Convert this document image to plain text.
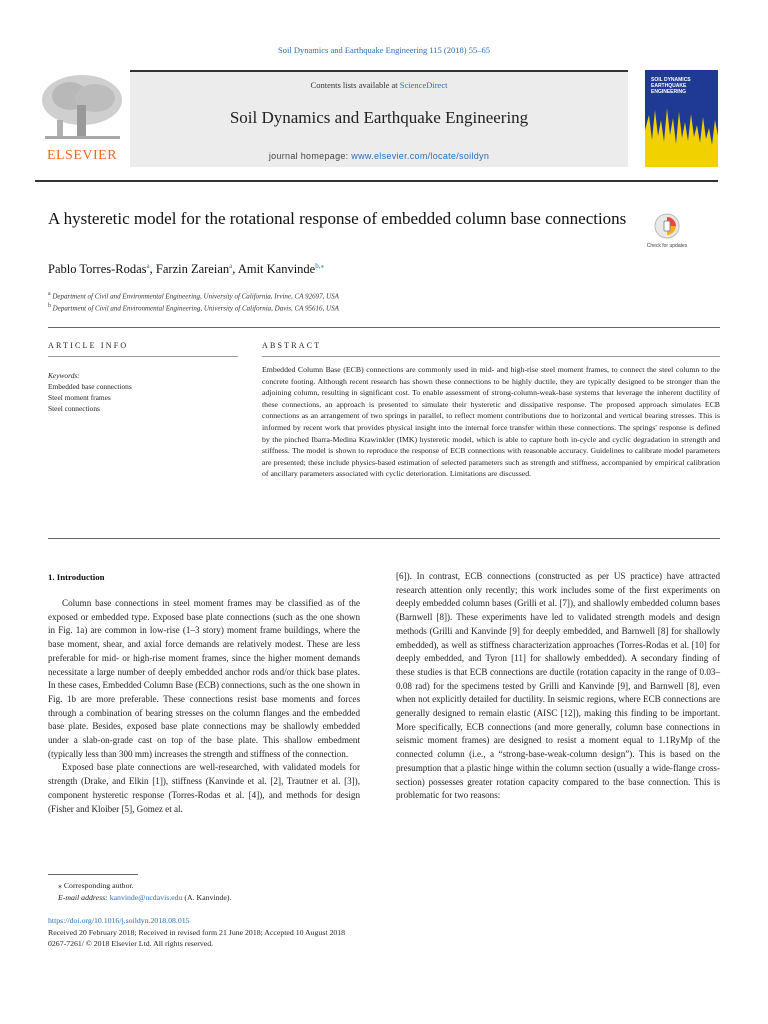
Soil Dynamics and Earthquake Engineering 115 (2018) 55–65
ELSEVIER
Contents lists available at ScienceDirect
Soil Dynamics and Earthquake Engineering
journal homepage: www.elsevier.com/locate/soildyn
SOIL DYNAMICS EARTHQUAKE ENGINEERING
A hysteretic model for the rotational response of embedded column base connections
Check for updates
Pablo Torres-Rodas$^a$, Farzin Zareian$^a$, Amit Kanvinde$^{b,⁎}$
$^a$ Department of Civil and Environmental Engineering, University of California, Irvine, CA 92697, USA
$^b$ Department of Civil and Environmental Engineering, University of California, Davis, CA 95616, USA
ARTICLE INFO	ABSTRACT
Keywords:
Embedded base connections
Steel moment frames
Steel connections
Embedded Column Base (ECB) connections are commonly used in mid- and high-rise steel moment frames, to connect the steel column to the concrete footing. Although recent research has shown these connections to be highly ductile, they are typically designed to be stronger than the adjoining column, resulting in significant cost. To enable assessment of strong-column-weak-base systems that leverage the inherent ductility of these connections, an approach is presented to simulate their hysteretic and dissipative response. The proposed approach simulates ECB connections as an arrangement of two springs in parallel, to reflect moment contributions due to horizontal and vertical bearing stresses. This is informed by recent work that provides physical insight into the internal force transfer within these connections. The springs' response is defined by the pinched Ibarra-Medina Krawinkler (IMK) hysteretic model, which is able to capture both in-cycle and cyclic degradation in strength and stiffness. The model is shown to reproduce the response of ECB connections with reasonable accuracy. Guidelines to calibrate model parameters are presented; these include physics-based estimation of selected parameters such as strength and stiffness, accompanied by empirical calibration of ancillary parameters associated with cyclic deterioration. Limitations are discussed.
1. Introduction

Column base connections in steel moment frames may be classified as of the exposed or embedded type. Exposed base plate connections (such as the one shown in Fig. 1a) are common in low-rise (1–3 story) moment frame buildings, where the base moment, shear, and axial force demands are relatively modest. These are less preferable for mid- or high-rise moment frames, since the higher moment demands necessitate a large number of deeply embedded anchor rods and/or thick base plates. In these cases, Embedded Column Base (ECB) connections, such as the one shown in Fig. 1b are more preferable. These connections resist base moments and forces through a combination of bearing stresses on the column flanges and the embedded base plate. Besides, exposed base plate connections may be shallowly embedded under a slab-on-grade cast on top of the base plate. This shallow embedment (typically less than 300 mm) increases the strength and stiffness of the connection.

Exposed base plate connections are well-researched, with validated models for strength (Drake, and Elkin [1]), stiffness (Kanvinde et al. [2], Trautner et al. [3]), component hysteretic response (Torres-Rodas et al. [4]), and methods for design (Fisher and Kloiber [5], Gomez et al.

[6]). In contrast, ECB connections (constructed as per US practice) have attracted research attention only recently; this work includes some of the first experiments on deeply embedded column bases (Grilli et al. [7]), and shallowly embedded column bases (Barnwell [8]). These experiments have led to validated strength models and design methods (Grilli and Kanvinde [9] for deeply embedded, and Barnwell [8] for shallowly embedded), as well as stiffness characterization approaches (Torres-Rodas et al. [10] for deeply embedded, and Tyron [11] for shallowly embedded). A secondary finding of these studies is that ECB connections are ductile (rotation capacity in the range of 0.03–0.08 rad) for the specimens tested by Grilli and Kanvinde [9], and Barnwell [8], even when not explicitly detailed for ductility. In seismic regions, where ECB connections are generally designed to remain elastic (AISC [12]), making this finding to be important. More specifically, ECB connections (and more generally, column base connections in seismic moment frames) are designed to resist a moment equal to 1.1RyMp of the connected column (i.e., a “strong-base-weak-column design”). This is based on the presumption that a plastic hinge within the column section (usually a wide-flange cross-section) possesses greater rotation capacity compared to the base connection. This is problematic for two reasons:

⁎ Corresponding author.
E-mail address: kanvinde@ucdavis.edu (A. Kanvinde).
https://doi.org/10.1016/j.soildyn.2018.08.015
Received 20 February 2018; Received in revised form 21 June 2018; Accepted 10 August 2018
0267-7261/ © 2018 Elsevier Ltd. All rights reserved.
